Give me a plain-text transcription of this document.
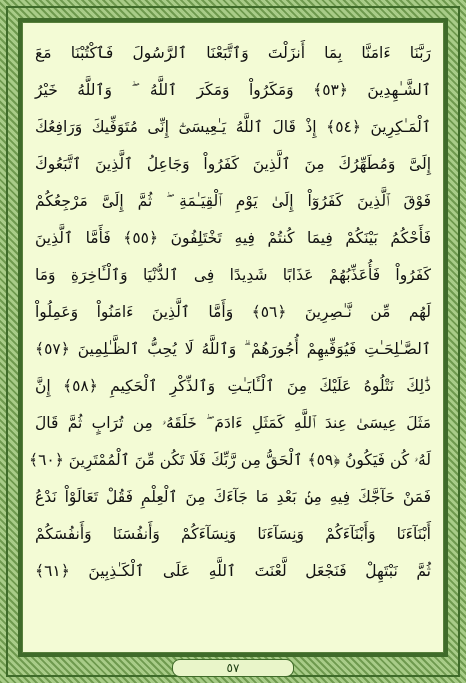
رَبَّنَا ءَامَنَّا بِمَا أَنزَلْتَ وَٱتَّبَعْنَا ٱلرَّسُولَ فَٱكْتُبْنَا مَعَ
ٱلشَّـٰهِدِينَ ﴿٥٣﴾ وَمَكَرُواْ وَمَكَرَ ٱللَّهُ ۖ وَٱللَّهُ خَيْرُ
ٱلْمَـٰكِرِينَ ﴿٥٤﴾ إِذْ قَالَ ٱللَّهُ يَـٰعِيسَىٰٓ إِنِّى مُتَوَفِّيكَ وَرَافِعُكَ
إِلَىَّ وَمُطَهِّرُكَ مِنَ ٱلَّذِينَ كَفَرُواْ وَجَاعِلُ ٱلَّذِينَ ٱتَّبَعُوكَ
فَوْقَ ٱلَّذِينَ كَفَرُوٓاْ إِلَىٰ يَوْمِ ٱلْقِيَـٰمَةِ ۖ ثُمَّ إِلَىَّ مَرْجِعُكُمْ
فَأَحْكُمُ بَيْنَكُمْ فِيمَا كُنتُمْ فِيهِ تَخْتَلِفُونَ ﴿٥٥﴾ فَأَمَّا ٱلَّذِينَ
كَفَرُواْ فَأُعَذِّبُهُمْ عَذَابًا شَدِيدًا فِى ٱلدُّنْيَا وَٱلْـَٔاخِرَةِ وَمَا
لَهُم مِّن نَّـٰصِرِينَ ﴿٥٦﴾ وَأَمَّا ٱلَّذِينَ ءَامَنُواْ وَعَمِلُواْ
ٱلصَّـٰلِحَـٰتِ فَيُوَفِّيهِمْ أُجُورَهُمْ ۗ وَٱللَّهُ لَا يُحِبُّ ٱلظَّـٰلِمِينَ ﴿٥٧﴾
ذَٰلِكَ نَتْلُوهُ عَلَيْكَ مِنَ ٱلْـَٔايَـٰتِ وَٱلذِّكْرِ ٱلْحَكِيمِ ﴿٥٨﴾ إِنَّ
مَثَلَ عِيسَىٰ عِندَ ٱللَّهِ كَمَثَلِ ءَادَمَ ۖ خَلَقَهُۥ مِن تُرَابٍ ثُمَّ قَالَ
لَهُۥ كُن فَيَكُونُ ﴿٥٩﴾ ٱلْحَقُّ مِن رَّبِّكَ فَلَا تَكُن مِّنَ ٱلْمُمْتَرِينَ ﴿٦٠﴾
فَمَنْ حَآجَّكَ فِيهِ مِنۢ بَعْدِ مَا جَآءَكَ مِنَ ٱلْعِلْمِ فَقُلْ تَعَالَوْاْ نَدْعُ
أَبْنَآءَنَا وَأَبْنَآءَكُمْ وَنِسَآءَنَا وَنِسَآءَكُمْ وَأَنفُسَنَا وَأَنفُسَكُمْ
ثُمَّ نَبْتَهِلْ فَنَجْعَل لَّعْنَتَ ٱللَّهِ عَلَى ٱلْكَـٰذِبِينَ ﴿٦١﴾
٥٧
